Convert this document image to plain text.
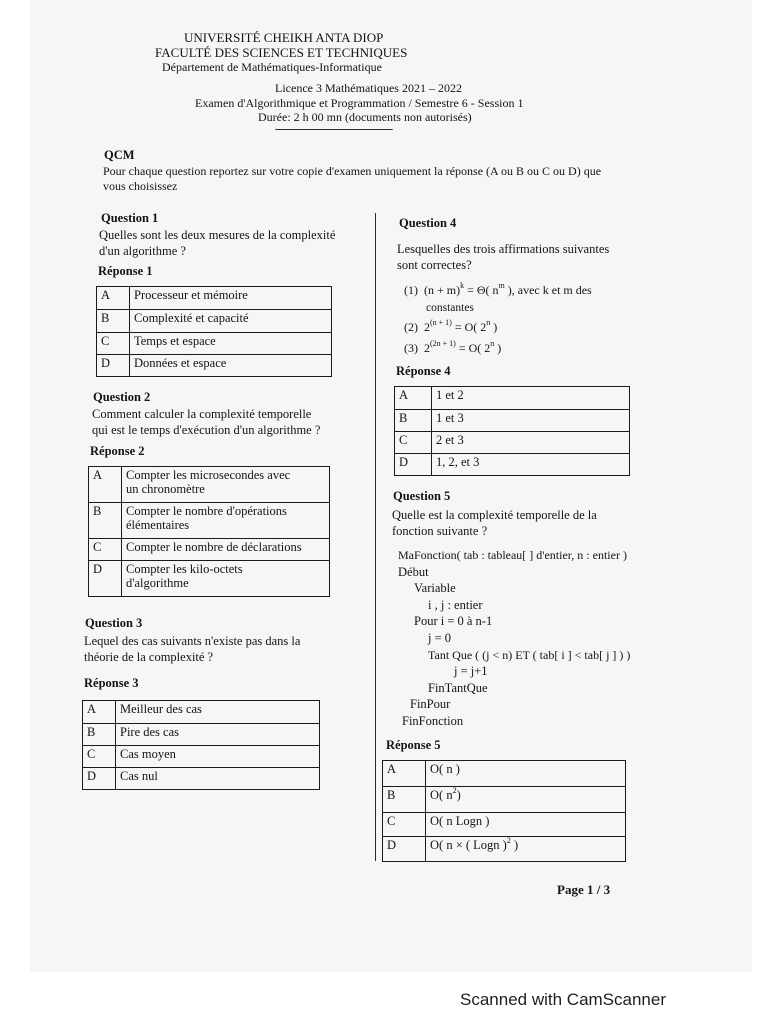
UNIVERSITÉ CHEIKH ANTA DIOP
FACULTÉ DES SCIENCES ET TECHNIQUES
Département de Mathématiques-Informatique
Licence 3 Mathématiques 2021 – 2022
Examen d'Algorithmique et Programmation / Semestre 6 - Session 1
Durée: 2 h 00 mn (documents non autorisés)
--------------------------------------------
QCM
Pour chaque question reportez sur votre copie d'examen uniquement la réponse (A ou B ou C ou D) que
vous choisissez
Question 1
Quelles sont les deux mesures de la complexité
d'un algorithme ?
Réponse 1
A	Processeur et mémoire
B	Complexité et capacité
C	Temps et espace
D	Données et espace
Question 2
Comment calculer la complexité temporelle
qui est le temps d'exécution d'un algorithme ?
Réponse 2
A	Compter les microsecondes avec
un chronomètre

B	Compter le nombre d'opérations
élémentaires

C	Compter le nombre de déclarations
D	Compter les kilo-octets
d'algorithme
Question 3
Lequel des cas suivants n'existe pas dans la
théorie de la complexité ?
Réponse 3
A	Meilleur des cas
B	Pire des cas
C	Cas moyen
D	Cas nul
Question 4
Lesquelles des trois affirmations suivantes
sont correctes?
(1) $(n + m)^k = \Theta$( $n^m$ ), avec k et m des
constantes
(2) $2^{(n + 1)} = O$( 2$^n$ )
(3) $2^{(2n + 1)} = O$( 2$^n$ )
Réponse 4
A	1 et 2
B	1 et 3
C	2 et 3
D	1, 2, et 3
Question 5
Quelle est la complexité temporelle de la
fonction suivante ?
MaFonction( tab : tableau[ ] d'entier, n : entier )
Début
Variable
i , j : entier
Pour i = 0 à n-1
j = 0
Tant Que ( (j < n) ET ( tab[ i ] < tab[ j ] ) )
j = j+1
FinTantQue
FinPour
FinFonction
Réponse 5
A	O( n )
B	O( $n^2$)
C	O( n Logn )
D	O( n × ( Logn )$^2$ )
Page 1 / 3
Scanned with CamScanner
